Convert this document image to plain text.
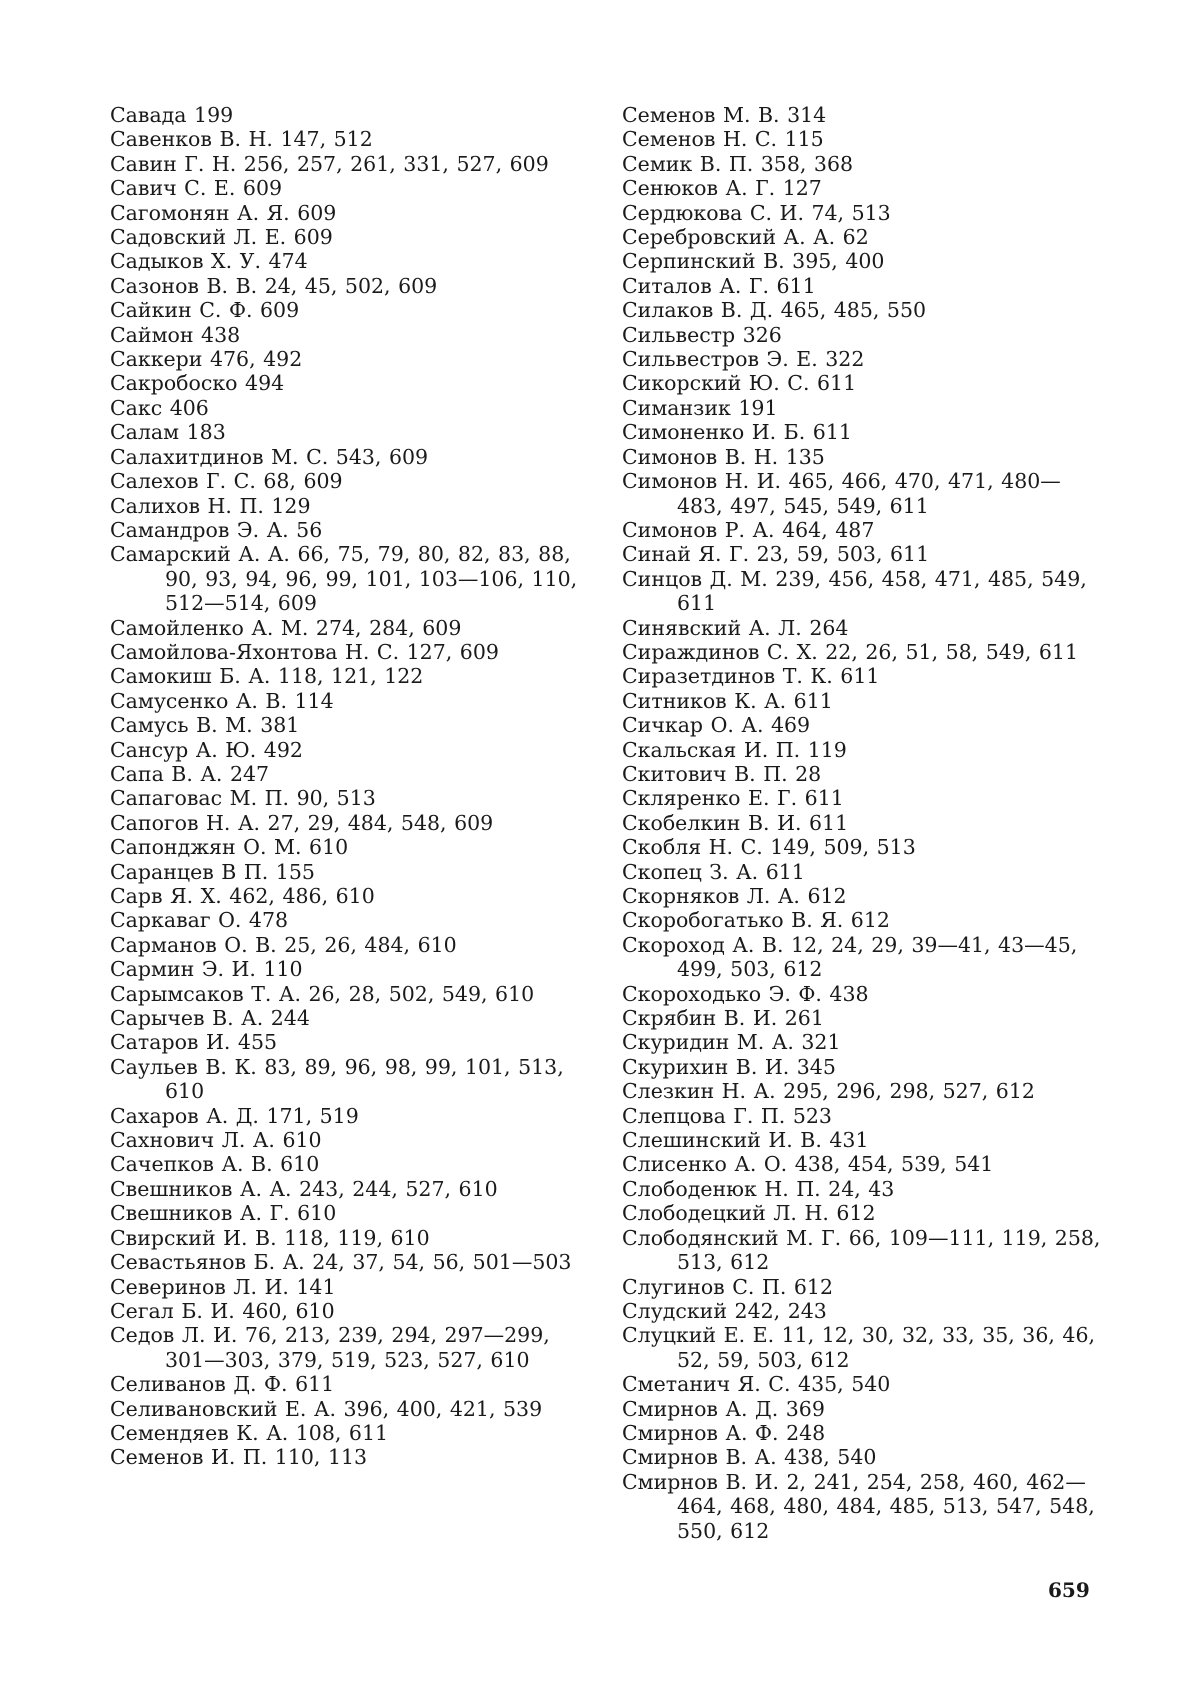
Савада 199
Савенков В. Н. 147, 512
Савин Г. Н. 256, 257, 261, 331, 527, 609
Савич С. Е. 609
Сагомонян А. Я. 609
Садовский Л. Е. 609
Садыков Х. У. 474
Сазонов В. В. 24, 45, 502, 609
Сайкин С. Ф. 609
Саймон 438
Саккери 476, 492
Сакробоско 494
Сакс 406
Салам 183
Салахитдинов М. С. 543, 609
Салехов Г. С. 68, 609
Салихов Н. П. 129
Самандров Э. А. 56
Самарский А. А. 66, 75, 79, 80, 82, 83, 88, 90, 93, 94, 96, 99, 101, 103—106, 110, 512—514, 609
Самойленко А. М. 274, 284, 609
Самойлова-Яхонтова Н. С. 127, 609
Самокиш Б. А. 118, 121, 122
Самусенко А. В. 114
Самусь В. М. 381
Сансур А. Ю. 492
Сапа В. А. 247
Сапаговас М. П. 90, 513
Сапогов Н. А. 27, 29, 484, 548, 609
Сапонджян О. М. 610
Саранцев В П. 155
Сарв Я. Х. 462, 486, 610
Саркаваг О. 478
Сарманов О. В. 25, 26, 484, 610
Сармин Э. И. 110
Сарымсаков Т. А. 26, 28, 502, 549, 610
Сарычев В. А. 244
Сатаров И. 455
Саульев В. К. 83, 89, 96, 98, 99, 101, 513, 610
Сахаров А. Д. 171, 519
Сахнович Л. А. 610
Сачепков А. В. 610
Свешников А. А. 243, 244, 527, 610
Свешников А. Г. 610
Свирский И. В. 118, 119, 610
Севастьянов Б. А. 24, 37, 54, 56, 501—503
Северинов Л. И. 141
Сегал Б. И. 460, 610
Седов Л. И. 76, 213, 239, 294, 297—299, 301—303, 379, 519, 523, 527, 610
Селиванов Д. Ф. 611
Селивановский Е. А. 396, 400, 421, 539
Семендяев К. А. 108, 611
Семенов И. П. 110, 113
Семенов М. В. 314
Семенов Н. С. 115
Семик В. П. 358, 368
Сенюков А. Г. 127
Сердюкова С. И. 74, 513
Серебровский А. А. 62
Серпинский В. 395, 400
Ситалов А. Г. 611
Силаков В. Д. 465, 485, 550
Сильвестр 326
Сильвестров Э. Е. 322
Сикорский Ю. С. 611
Симанзик 191
Симоненко И. Б. 611
Симонов В. Н. 135
Симонов Н. И. 465, 466, 470, 471, 480—483, 497, 545, 549, 611
Симонов Р. А. 464, 487
Синай Я. Г. 23, 59, 503, 611
Синцов Д. М. 239, 456, 458, 471, 485, 549, 611
Синявский А. Л. 264
Сираждинов С. Х. 22, 26, 51, 58, 549, 611
Сиразетдинов Т. К. 611
Ситников К. А. 611
Сичкар О. А. 469
Скальская И. П. 119
Скитович В. П. 28
Скляренко Е. Г. 611
Скобелкин В. И. 611
Скобля Н. С. 149, 509, 513
Скопец З. А. 611
Скорняков Л. А. 612
Скоробогатько В. Я. 612
Скороход А. В. 12, 24, 29, 39—41, 43—45, 499, 503, 612
Скороходько Э. Ф. 438
Скрябин В. И. 261
Скуридин М. А. 321
Скурихин В. И. 345
Слезкин Н. А. 295, 296, 298, 527, 612
Слепцова Г. П. 523
Слешинский И. В. 431
Слисенко А. О. 438, 454, 539, 541
Слободенюк Н. П. 24, 43
Слободецкий Л. Н. 612
Слободянский М. Г. 66, 109—111, 119, 258, 513, 612
Слугинов С. П. 612
Слудский 242, 243
Слуцкий Е. Е. 11, 12, 30, 32, 33, 35, 36, 46, 52, 59, 503, 612
Сметанич Я. С. 435, 540
Смирнов А. Д. 369
Смирнов А. Ф. 248
Смирнов В. А. 438, 540
Смирнов В. И. 2, 241, 254, 258, 460, 462—464, 468, 480, 484, 485, 513, 547, 548, 550, 612
659
